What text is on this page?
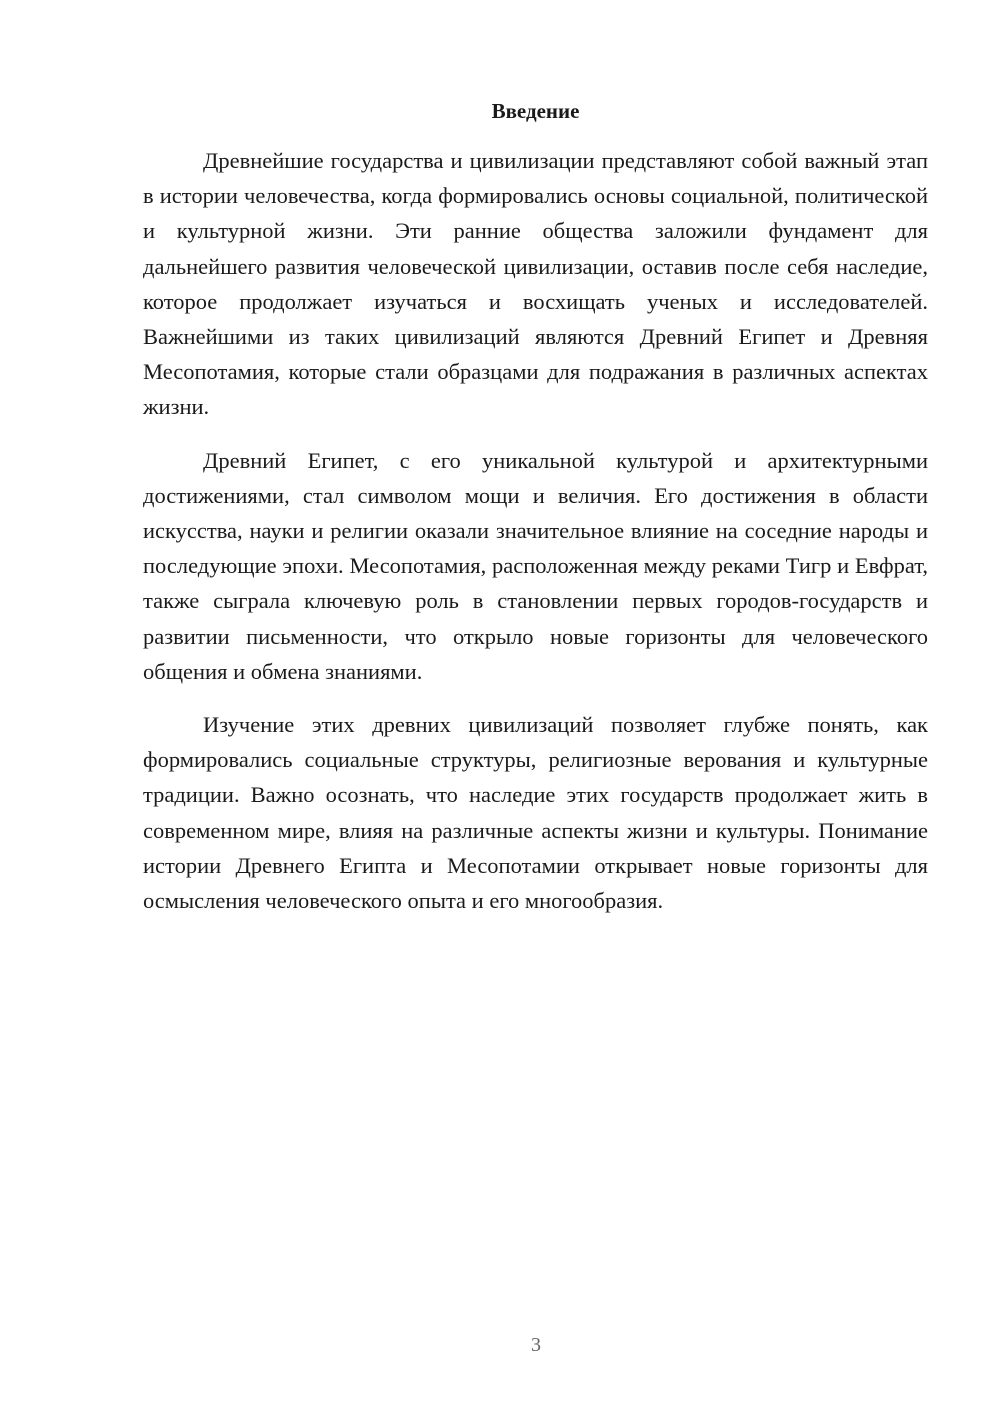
Введение

Древнейшие государства и цивилизации представляют собой важный этап в истории человечества, когда формировались основы социальной, политической и культурной жизни. Эти ранние общества заложили фундамент для дальнейшего развития человеческой цивилизации, оставив после себя наследие, которое продолжает изучаться и восхищать ученых и исследователей. Важнейшими из таких цивилизаций являются Древний Египет и Древняя Месопотамия, которые стали образцами для подражания в различных аспектах жизни.

Древний Египет, с его уникальной культурой и архитектурными достижениями, стал символом мощи и величия. Его достижения в области искусства, науки и религии оказали значительное влияние на соседние народы и последующие эпохи. Месопотамия, расположенная между реками Тигр и Евфрат, также сыграла ключевую роль в становлении первых городов-государств и развитии письменности, что открыло новые горизонты для человеческого общения и обмена знаниями.

Изучение этих древних цивилизаций позволяет глубже понять, как формировались социальные структуры, религиозные верования и культурные традиции. Важно осознать, что наследие этих государств продолжает жить в современном мире, влияя на различные аспекты жизни и культуры. Понимание истории Древнего Египта и Месопотамии открывает новые горизонты для осмысления человеческого опыта и его многообразия.

3
